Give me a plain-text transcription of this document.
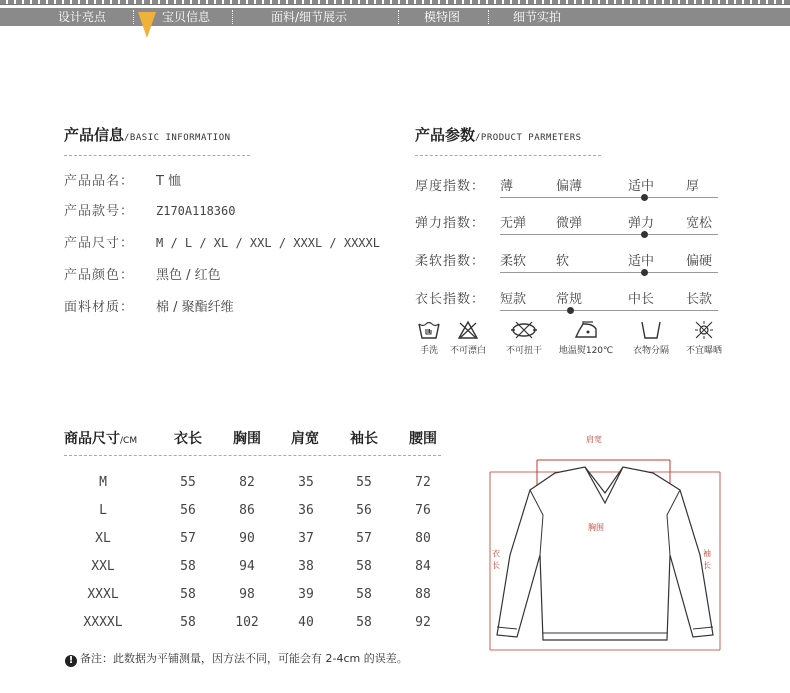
设计亮点	宝贝信息	面料/细节展示	模特图	细节实拍
产品信息/BASIC INFORMATION
产品品名： T 恤
产品款号： Z170A118360
产品尺寸： M / L / XL / XXL / XXXL / XXXXL
产品颜色： 黑色 / 红色
面料材质： 棉 / 聚酯纤维
产品参数/PRODUCT PARMETERS
厚度指数： 薄	偏薄	适中 厚
弹力指数： 无弹 微弹	弹力 宽松
柔软指数： 柔软 软	适中 偏硬
衣长指数： 短款 常规	中长 长款
手洗	不可漂白	不可扭干	地温熨120℃	衣物分隔	不宜曝晒
商品尺寸/CM	衣长 胸围 肩宽 袖长 腰围
M	55	82	35	55	72
L	56	86	36	56	76
XL	57	90	37	57	80
XXL	58	94	38	58	84
XXXL	58	98	39	58	88
XXXXL	58	102	40	58	92
! 备注：此数据为平铺测量，因方法不同，可能会有 2-4cm 的误差。
肩宽
胸围
衣长
袖长
